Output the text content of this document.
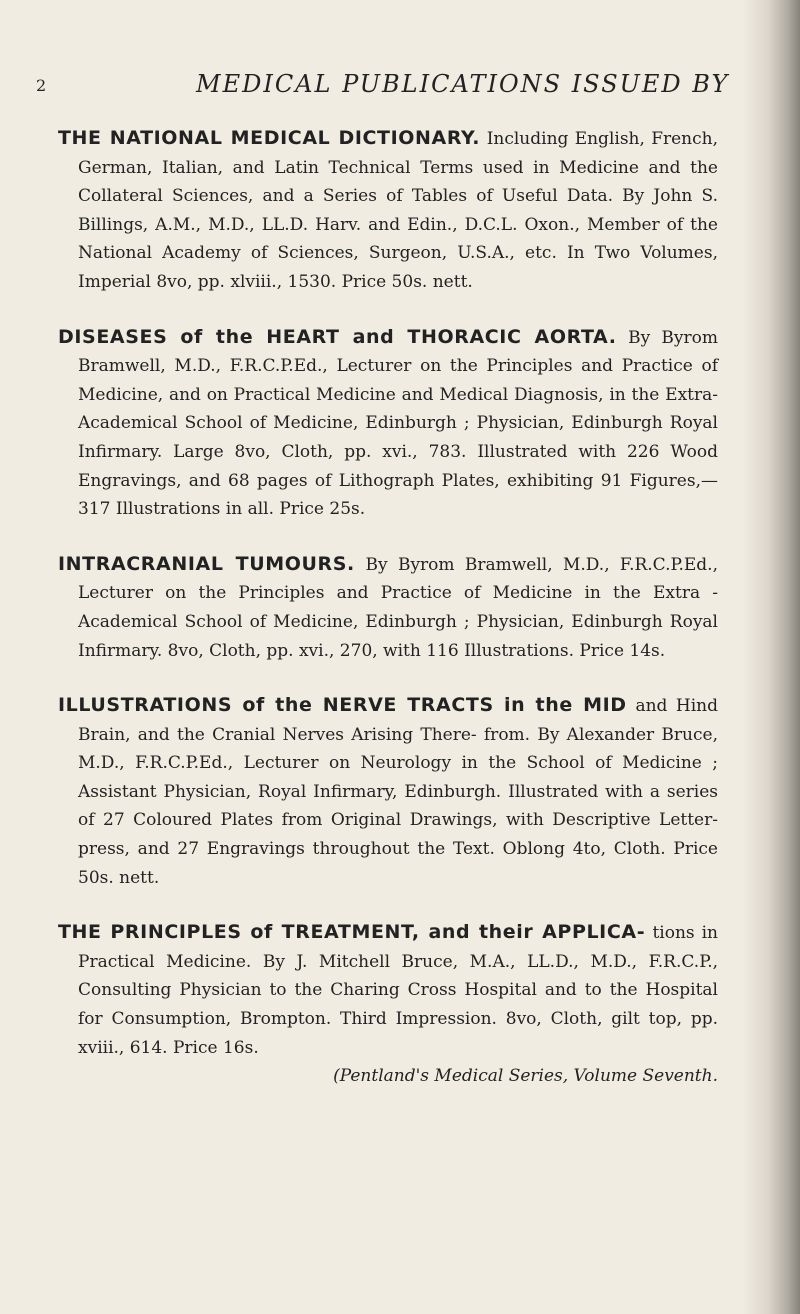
2	MEDICAL PUBLICATIONS ISSUED BY

THE NATIONAL MEDICAL DICTIONARY. Including English, French, German, Italian, and Latin Technical Terms used in Medicine and the Collateral Sciences, and a Series of Tables of Useful Data. By John S. Billings, A.M., M.D., LL.D. Harv. and Edin., D.C.L. Oxon., Member of the National Academy of Sciences, Surgeon, U.S.A., etc. In Two Volumes, Imperial 8vo, pp. xlviii., 1530. Price 50s. nett.

DISEASES of the HEART and THORACIC AORTA. By Byrom Bramwell, M.D., F.R.C.P.Ed., Lecturer on the Principles and Practice of Medicine, and on Practical Medicine and Medical Diagnosis, in the Extra-Academical School of Medicine, Edinburgh ; Physician, Edinburgh Royal Infirmary. Large 8vo, Cloth, pp. xvi., 783. Illustrated with 226 Wood Engravings, and 68 pages of Lithograph Plates, exhibiting 91 Figures,— 317 Illustrations in all. Price 25s.

INTRACRANIAL TUMOURS. By Byrom Bramwell, M.D., F.R.C.P.Ed., Lecturer on the Principles and Practice of Medicine in the Extra - Academical School of Medicine, Edinburgh ; Physician, Edinburgh Royal Infirmary. 8vo, Cloth, pp. xvi., 270, with 116 Illustrations. Price 14s.

ILLUSTRATIONS of the NERVE TRACTS in the MID and Hind Brain, and the Cranial Nerves Arising There- from. By Alexander Bruce, M.D., F.R.C.P.Ed., Lecturer on Neurology in the School of Medicine ; Assistant Physician, Royal Infirmary, Edinburgh. Illustrated with a series of 27 Coloured Plates from Original Drawings, with Descriptive Letter- press, and 27 Engravings throughout the Text. Oblong 4to, Cloth. Price 50s. nett.

THE PRINCIPLES of TREATMENT, and their APPLICA- tions in Practical Medicine. By J. Mitchell Bruce, M.A., LL.D., M.D., F.R.C.P., Consulting Physician to the Charing Cross Hospital and to the Hospital for Consumption, Brompton. Third Impression. 8vo, Cloth, gilt top, pp. xviii., 614. Price 16s.
(Pentland's Medical Series, Volume Seventh.
